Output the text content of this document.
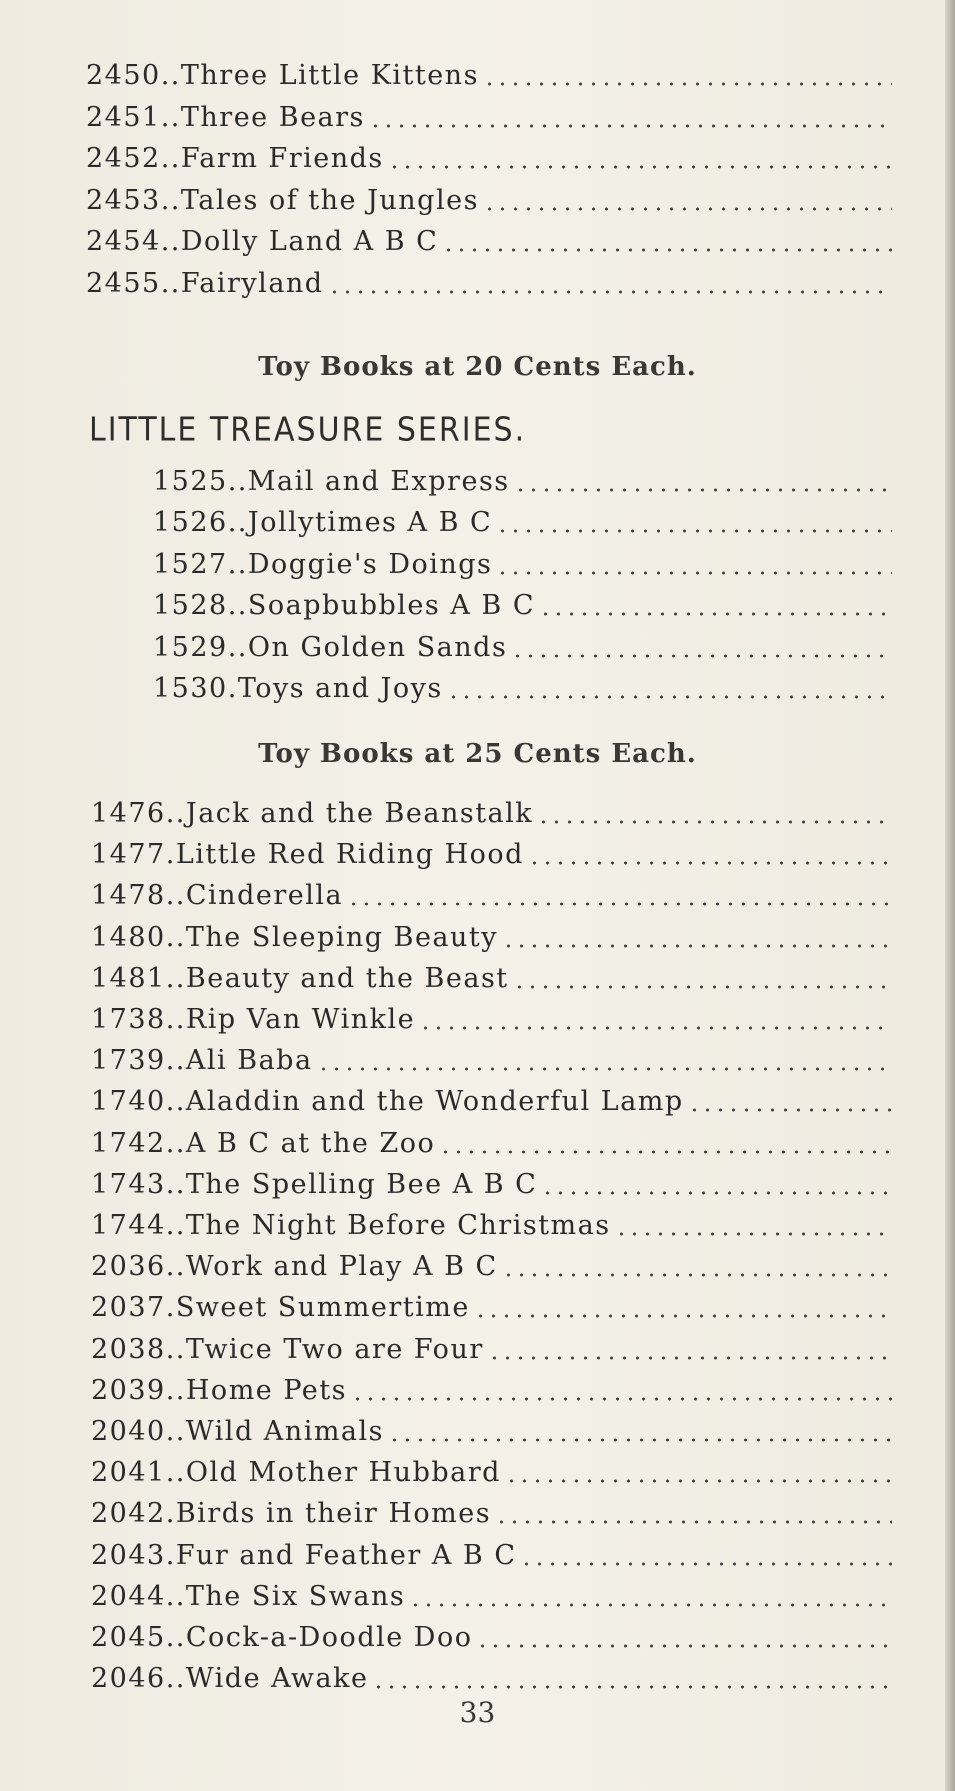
2450 .. Three Little Kittens
2451 .. Three Bears
2452 .. Farm Friends
2453 .. Tales of the Jungles
2454 .. Dolly Land A B C
2455 .. Fairyland
Toy Books at 20 Cents Each.
LITTLE TREASURE SERIES.
1525 .. Mail and Express
1526 .. Jollytimes A B C
1527 .. Doggie's Doings
1528 .. Soapbubbles A B C
1529 .. On Golden Sands
1530 . Toys and Joys
Toy Books at 25 Cents Each.
1476 .. Jack and the Beanstalk
1477 . Little Red Riding Hood
1478 .. Cinderella
1480 .. The Sleeping Beauty
1481 .. Beauty and the Beast
1738 .. Rip Van Winkle
1739 .. Ali Baba
1740 .. Aladdin and the Wonderful Lamp
1742 .. A B C at the Zoo
1743 .. The Spelling Bee A B C
1744 .. The Night Before Christmas
2036 .. Work and Play A B C
2037 . Sweet Summertime
2038 .. Twice Two are Four
2039 .. Home Pets
2040 .. Wild Animals
2041 .. Old Mother Hubbard
2042 . Birds in their Homes
2043 . Fur and Feather A B C
2044 .. The Six Swans
2045 .. Cock-a-Doodle Doo
2046 .. Wide Awake
33
